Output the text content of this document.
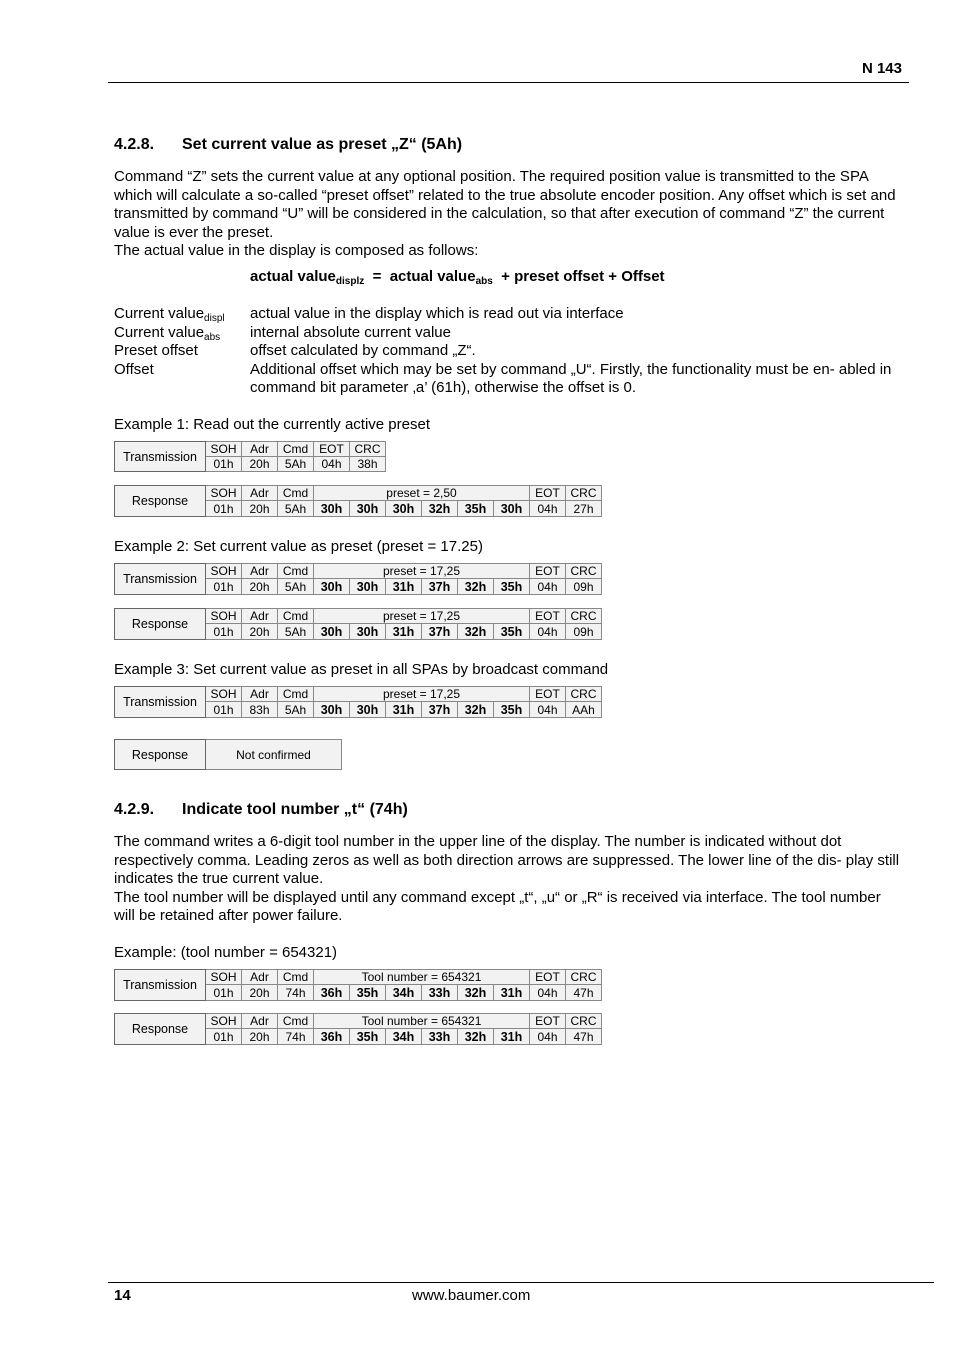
N 143
4.2.8. Set current value as preset „Z“ (5Ah)

Command “Z” sets the current value at any optional position. The required position value is transmitted to the SPA which will calculate a so-called “preset offset” related to the true absolute encoder position. Any offset which is set and transmitted by command “U” will be considered in the calculation, so that after execution of command “Z” the current value is ever the preset.

The actual value in the display is composed as follows:

actual value$_{displz}$ = actual value$_{abs}$ + preset offset + Offset
Current value$_{displ}$	actual value in the display which is read out via interface
Current value$_{abs}$	internal absolute current value
Preset offset	offset calculated by command „Z“.
Offset	Additional offset which may be set by command „U“. Firstly, the functionality must be en- abled in command bit parameter ‚a’ (61h), otherwise the offset is 0.
Example 1: Read out the currently active preset
Transmission	SOH	Adr	Cmd	EOT	CRC
	01h	20h	5Ah	04h	38h
Response	SOH	Adr	Cmd	preset = 2,50						EOT	CRC
	01h	20h	5Ah	30h	30h	30h	32h	35h	30h	04h	27h
Example 2: Set current value as preset (preset = 17.25)
Transmission	SOH	Adr	Cmd	preset = 17,25						EOT	CRC
	01h	20h	5Ah	30h	30h	31h	37h	32h	35h	04h	09h
Response	SOH	Adr	Cmd	preset = 17,25						EOT	CRC
	01h	20h	5Ah	30h	30h	31h	37h	32h	35h	04h	09h
Example 3: Set current value as preset in all SPAs by broadcast command
Transmission	SOH	Adr	Cmd	preset = 17,25						EOT	CRC
	01h	83h	5Ah	30h	30h	31h	37h	32h	35h	04h	AAh
Response	Not confirmed
4.2.9. Indicate tool number „t“ (74h)

The command writes a 6-digit tool number in the upper line of the display. The number is indicated without dot respectively comma. Leading zeros as well as both direction arrows are suppressed. The lower line of the dis- play still indicates the true current value.

The tool number will be displayed until any command except „t“, „u“ or „R“ is received via interface. The tool number will be retained after power failure.

Example: (tool number = 654321)
Transmission	SOH	Adr	Cmd	Tool number = 654321						EOT	CRC
	01h	20h	74h	36h	35h	34h	33h	32h	31h	04h	47h
Response	SOH	Adr	Cmd	Tool number = 654321						EOT	CRC
	01h	20h	74h	36h	35h	34h	33h	32h	31h	04h	47h
14	www.baumer.com
